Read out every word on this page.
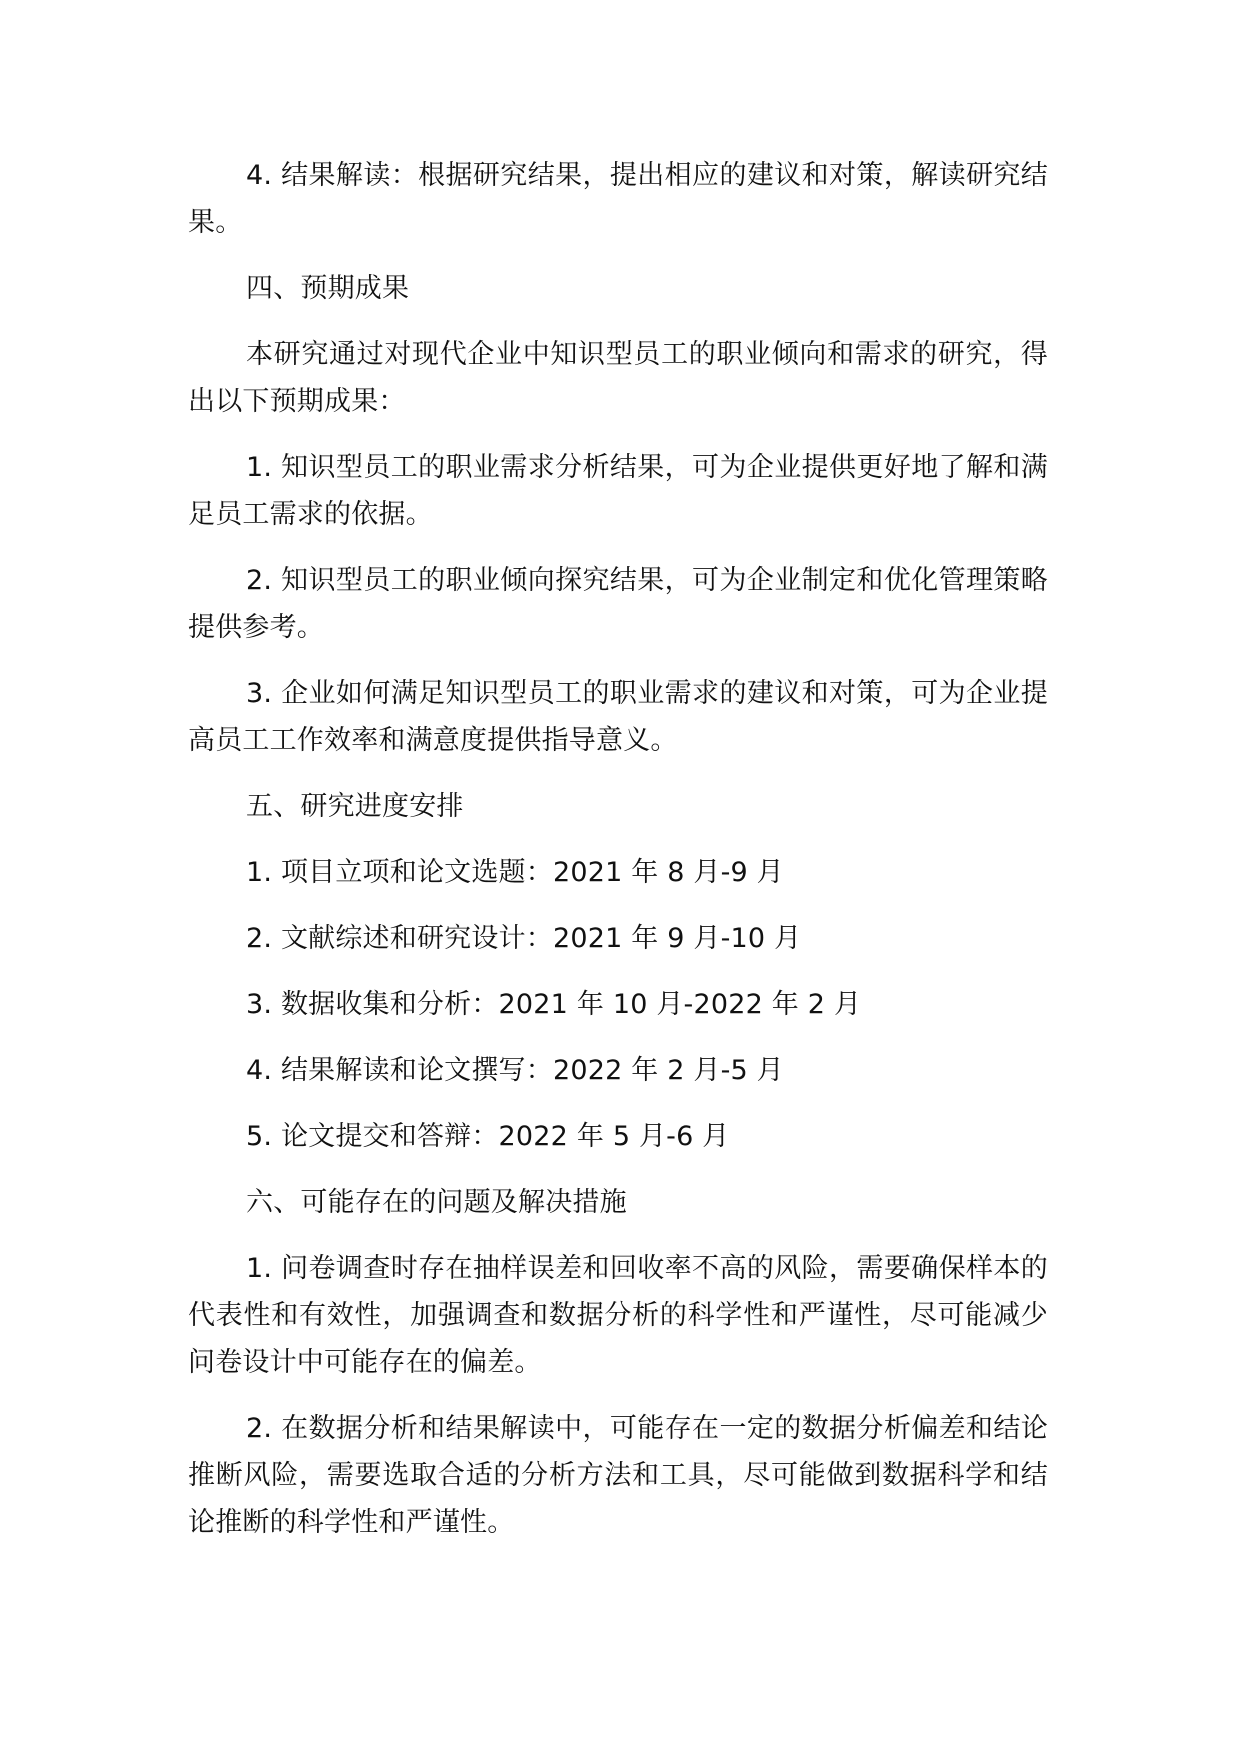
4. 结果解读：根据研究结果，提出相应的建议和对策，解读研究结果。

四、预期成果

本研究通过对现代企业中知识型员工的职业倾向和需求的研究，得出以下预期成果：

1. 知识型员工的职业需求分析结果，可为企业提供更好地了解和满足员工需求的依据。

2. 知识型员工的职业倾向探究结果，可为企业制定和优化管理策略提供参考。

3. 企业如何满足知识型员工的职业需求的建议和对策，可为企业提高员工工作效率和满意度提供指导意义。

五、研究进度安排

1. 项目立项和论文选题：2021 年 8 月-9 月

2. 文献综述和研究设计：2021 年 9 月-10 月

3. 数据收集和分析：2021 年 10 月-2022 年 2 月

4. 结果解读和论文撰写：2022 年 2 月-5 月

5. 论文提交和答辩：2022 年 5 月-6 月

六、可能存在的问题及解决措施

1. 问卷调查时存在抽样误差和回收率不高的风险，需要确保样本的代表性和有效性，加强调查和数据分析的科学性和严谨性，尽可能减少问卷设计中可能存在的偏差。

2. 在数据分析和结果解读中，可能存在一定的数据分析偏差和结论推断风险，需要选取合适的分析方法和工具，尽可能做到数据科学和结论推断的科学性和严谨性。
